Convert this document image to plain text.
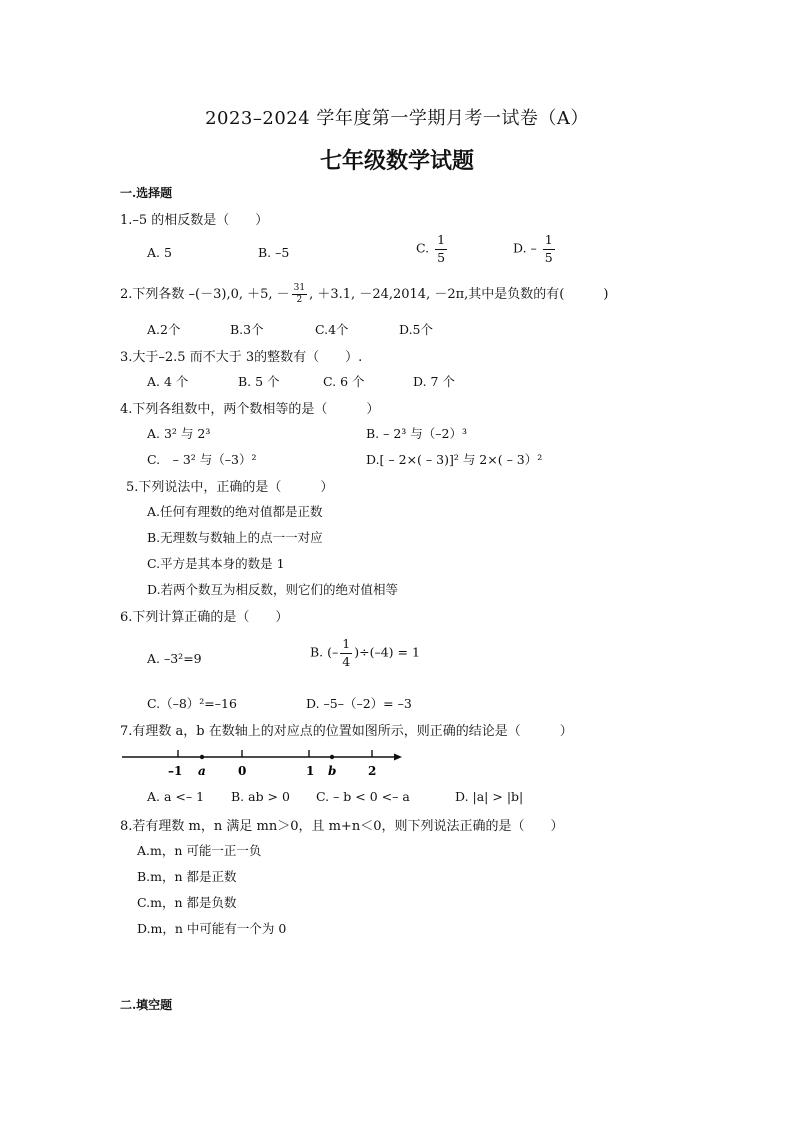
2023–2024 学年度第一学期月考一试卷（A）
七年级数学试题
一.选择题
1.–5 的相反数是（　　）
A. 5	B. –5	C. $\frac{1}{5}$	D. – $\frac{1}{5}$
2.下列各数 –(－3),0, ＋5, － $\frac{31}{2}$ , ＋3.1, －24,2014, －2π,其中是负数的有(　　　)
A.2个	B.3个	C.4个	D.5个
3.大于–2.5 而不大于 3的整数有（　　）.
A. 4 个	B. 5 个	C. 6 个	D. 7 个
4.下列各组数中，两个数相等的是（　　　）
A. 3² 与 2³	B. – 2³ 与（–2）³
C.　– 3² 与（–3）²	D.[ – 2×( – 3)]² 与 2×( – 3）²
5.下列说法中，正确的是（　　　）
A.任何有理数的绝对值都是正数
B.无理数与数轴上的点一一对应
C.平方是其本身的数是 1
D.若两个数互为相反数，则它们的绝对值相等
6.下列计算正确的是（　　）
A. –3²=9	B. (– $\frac{1}{4} )\div(-4) = 1$
C.（–8）²=–16	D. –5–（–2）= –3
7.有理数 a，b 在数轴上的对应点的位置如图所示，则正确的结论是（　　　）
–1 a	0	1 b	2
A. a <– 1 B. ab > 0 C. – b < 0 <– a	D. |a| > |b|
8.若有理数 m，n 满足 mn＞0，且 m+n＜0，则下列说法正确的是（　　）
A.m，n 可能一正一负
B.m，n 都是正数
C.m，n 都是负数
D.m，n 中可能有一个为 0
二.填空题
